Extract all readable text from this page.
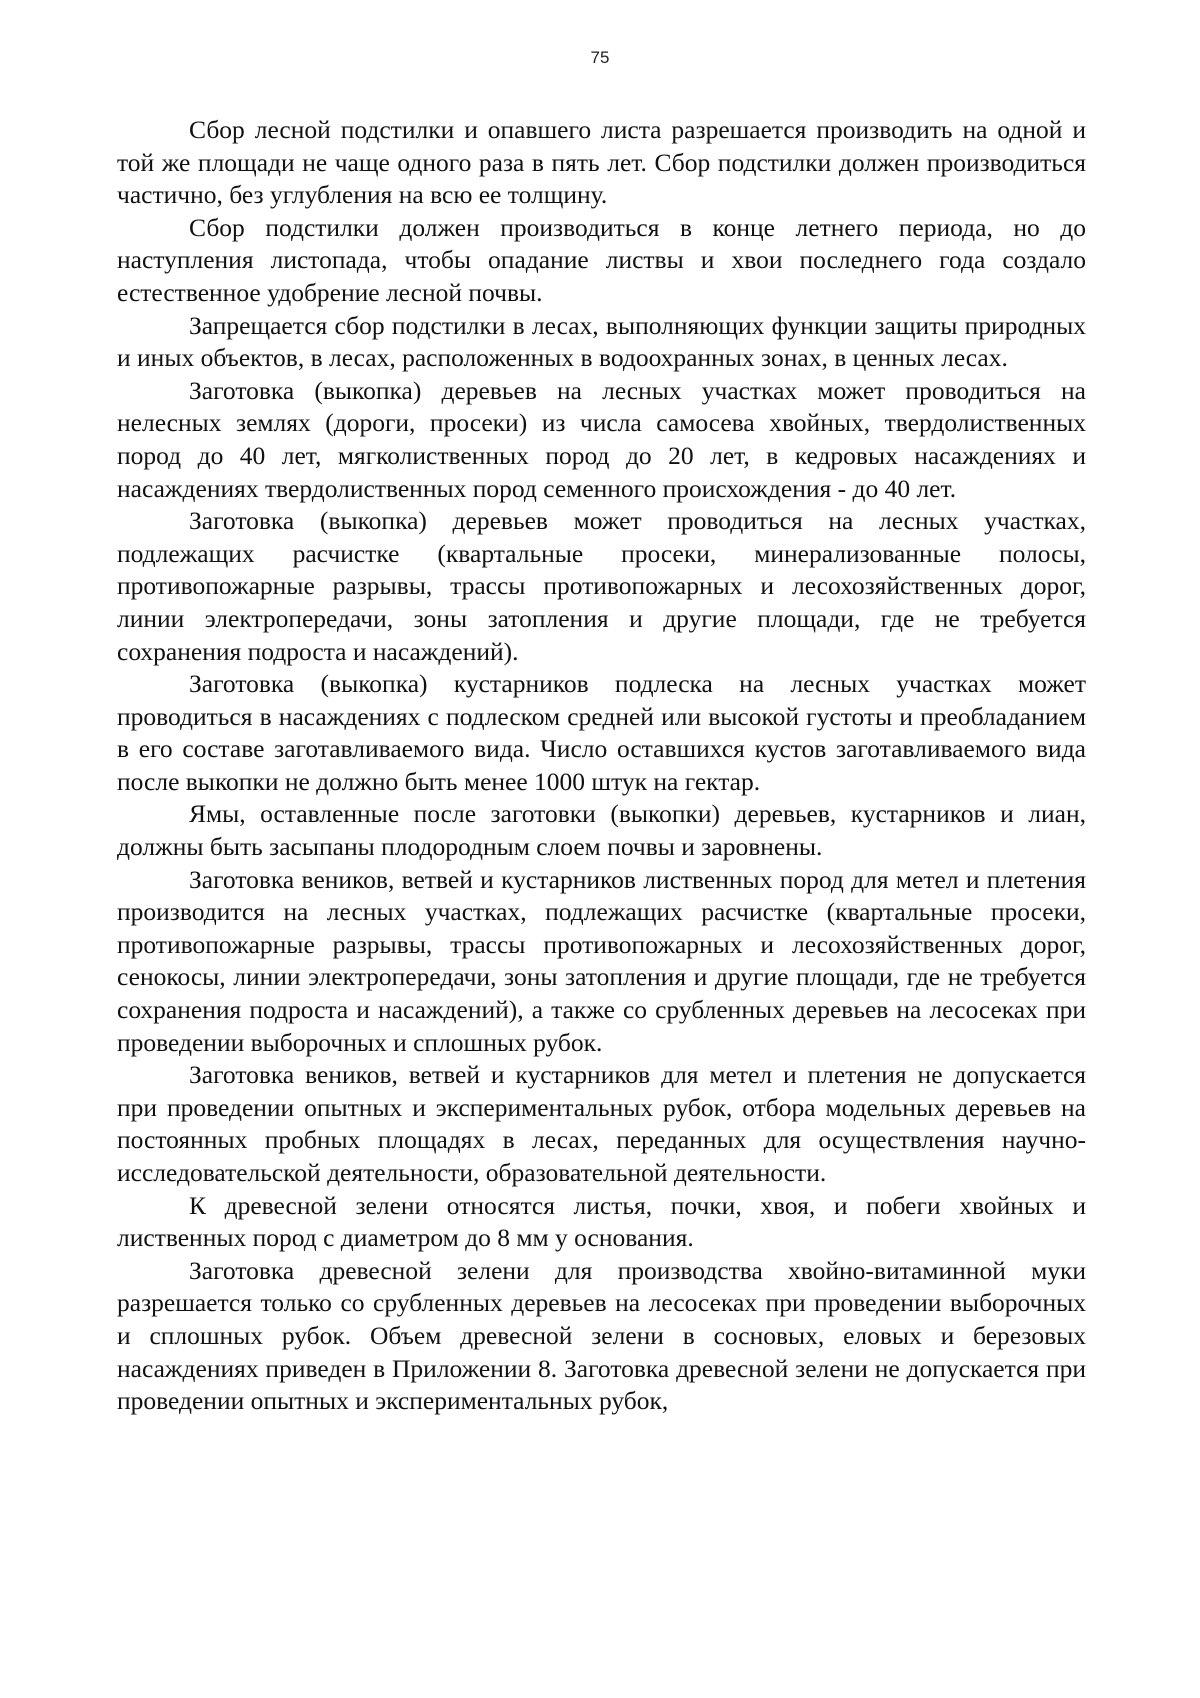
75

Сбор лесной подстилки и опавшего листа разрешается производить на одной и той же площади не чаще одного раза в пять лет. Сбор подстилки должен производиться частично, без углубления на всю ее толщину.

Сбор подстилки должен производиться в конце летнего периода, но до наступления листопада, чтобы опадание листвы и хвои последнего года создало естественное удобрение лесной почвы.

Запрещается сбор подстилки в лесах, выполняющих функции защиты природных и иных объектов, в лесах, расположенных в водоохранных зонах, в ценных лесах.

Заготовка (выкопка) деревьев на лесных участках может проводиться на нелесных землях (дороги, просеки) из числа самосева хвойных, твердолиственных пород до 40 лет, мягколиственных пород до 20 лет, в кедровых насаждениях и насаждениях твердолиственных пород семенного происхождения - до 40 лет.

Заготовка (выкопка) деревьев может проводиться на лесных участках, подлежащих расчистке (квартальные просеки, минерализованные полосы, противопожарные разрывы, трассы противопожарных и лесохозяйственных дорог, линии электропередачи, зоны затопления и другие площади, где не требуется сохранения подроста и насаждений).

Заготовка (выкопка) кустарников подлеска на лесных участках может проводиться в насаждениях с подлеском средней или высокой густоты и преобладанием в его составе заготавливаемого вида. Число оставшихся кустов заготавливаемого вида после выкопки не должно быть менее 1000 штук на гектар.

Ямы, оставленные после заготовки (выкопки) деревьев, кустарников и лиан, должны быть засыпаны плодородным слоем почвы и заровнены.

Заготовка веников, ветвей и кустарников лиственных пород для метел и плетения производится на лесных участках, подлежащих расчистке (квартальные просеки, противопожарные разрывы, трассы противопожарных и лесохозяйственных дорог, сенокосы, линии электропередачи, зоны затопления и другие площади, где не требуется сохранения подроста и насаждений), а также со срубленных деревьев на лесосеках при проведении выборочных и сплошных рубок.

Заготовка веников, ветвей и кустарников для метел и плетения не допускается при проведении опытных и экспериментальных рубок, отбора модельных деревьев на постоянных пробных площадях в лесах, переданных для осуществления научно-исследовательской деятельности, образовательной деятельности.

К древесной зелени относятся листья, почки, хвоя, и побеги хвойных и лиственных пород с диаметром до 8 мм у основания.

Заготовка древесной зелени для производства хвойно-витаминной муки разрешается только со срубленных деревьев на лесосеках при проведении выборочных и сплошных рубок. Объем древесной зелени в сосновых, еловых и березовых насаждениях приведен в Приложении 8. Заготовка древесной зелени не допускается при проведении опытных и экспериментальных рубок,
